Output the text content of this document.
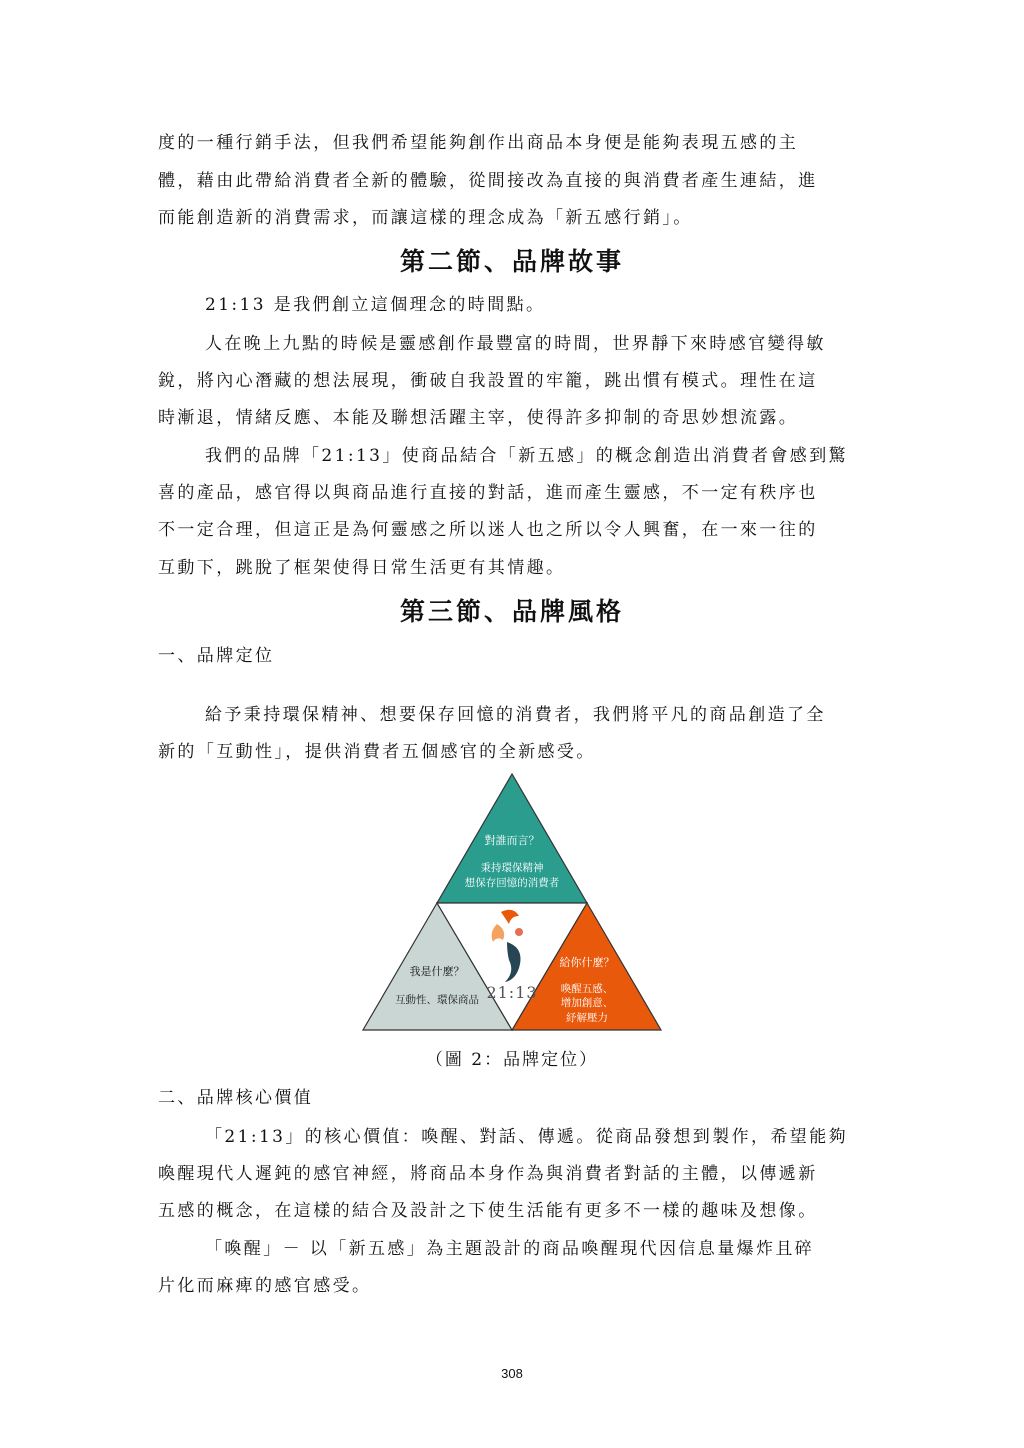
度的一種行銷手法，但我們希望能夠創作出商品本身便是能夠表現五感的主
體，藉由此帶給消費者全新的體驗，從間接改為直接的與消費者產生連結，進
而能創造新的消費需求，而讓這樣的理念成為「新五感行銷」。
第二節、品牌故事
21:13 是我們創立這個理念的時間點。
人在晚上九點的時候是靈感創作最豐富的時間，世界靜下來時感官變得敏
銳，將內心潛藏的想法展現，衝破自我設置的牢籠，跳出慣有模式。理性在這
時漸退，情緒反應、本能及聯想活躍主宰，使得許多抑制的奇思妙想流露。
我們的品牌「21:13」使商品結合「新五感」的概念創造出消費者會感到驚
喜的產品，感官得以與商品進行直接的對話，進而產生靈感，不一定有秩序也
不一定合理，但這正是為何靈感之所以迷人也之所以令人興奮，在一來一往的
互動下，跳脫了框架使得日常生活更有其情趣。
第三節、品牌風格
一、品牌定位
給予秉持環保精神、想要保存回憶的消費者，我們將平凡的商品創造了全
新的「互動性」，提供消費者五個感官的全新感受。
21:13
對誰而言？
秉持環保精神
想保存回憶的消費者
我是什麼？
互動性、環保商品
給你什麼？
喚醒五感、
增加創意、
紓解壓力
（圖 2：品牌定位）
二、品牌核心價值
「21:13」的核心價值：喚醒、對話、傳遞。從商品發想到製作，希望能夠
喚醒現代人遲鈍的感官神經，將商品本身作為與消費者對話的主體，以傳遞新
五感的概念，在這樣的結合及設計之下使生活能有更多不一樣的趣味及想像。
「喚醒」－ 以「新五感」為主題設計的商品喚醒現代因信息量爆炸且碎
片化而麻痺的感官感受。
308
